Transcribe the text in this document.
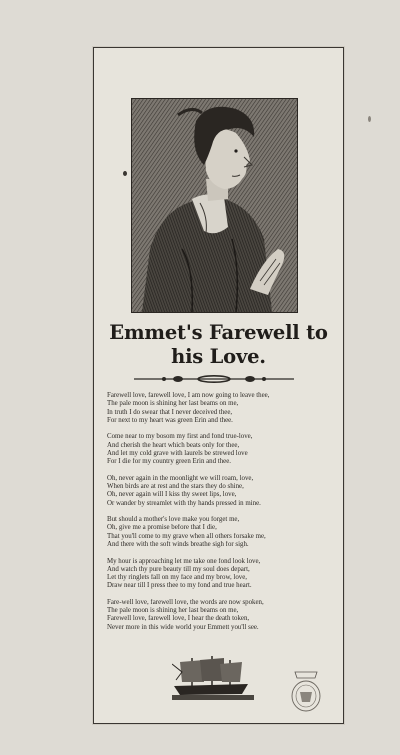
Emmet's Farewell to
his Love.
Farewell love, farewell love, I am now going to leave thee,
The pale moon is shining her last beams on me,
In truth I do swear that I never deceived thee,
For next to my heart was green Erin and thee.
Come near to my bosom my first and fond true-love,
And cherish the heart which beats only for thee,
And let my cold grave with laurels be strewed love
For I die for my country green Erin and thee.
Oh, never again in the moonlight we will roam, love,
When birds are at rest and the stars they do shine,
Oh, never again will I kiss thy sweet lips, love,
Or wander by streamlet with thy hands pressed in mine.
But should a mother's love make you forget me,
Oh, give me a promise before that I die,
That you'll come to my grave when all others forsake me,
And there with the soft winds breathe sigh for sigh.
My hour is approaching let me take one fond look love,
And watch thy pure beauty till my soul does depart,
Let thy ringlets fall on my face and my brow, love,
Draw near till I press thee to my fond and true heart.
Fare-well love, farewell love, the words are now spoken,
The pale moon is shining her last beams on me,
Farewell love, farewell love, I hear the death token,
Never more in this wide world your Emmett you'll see.
